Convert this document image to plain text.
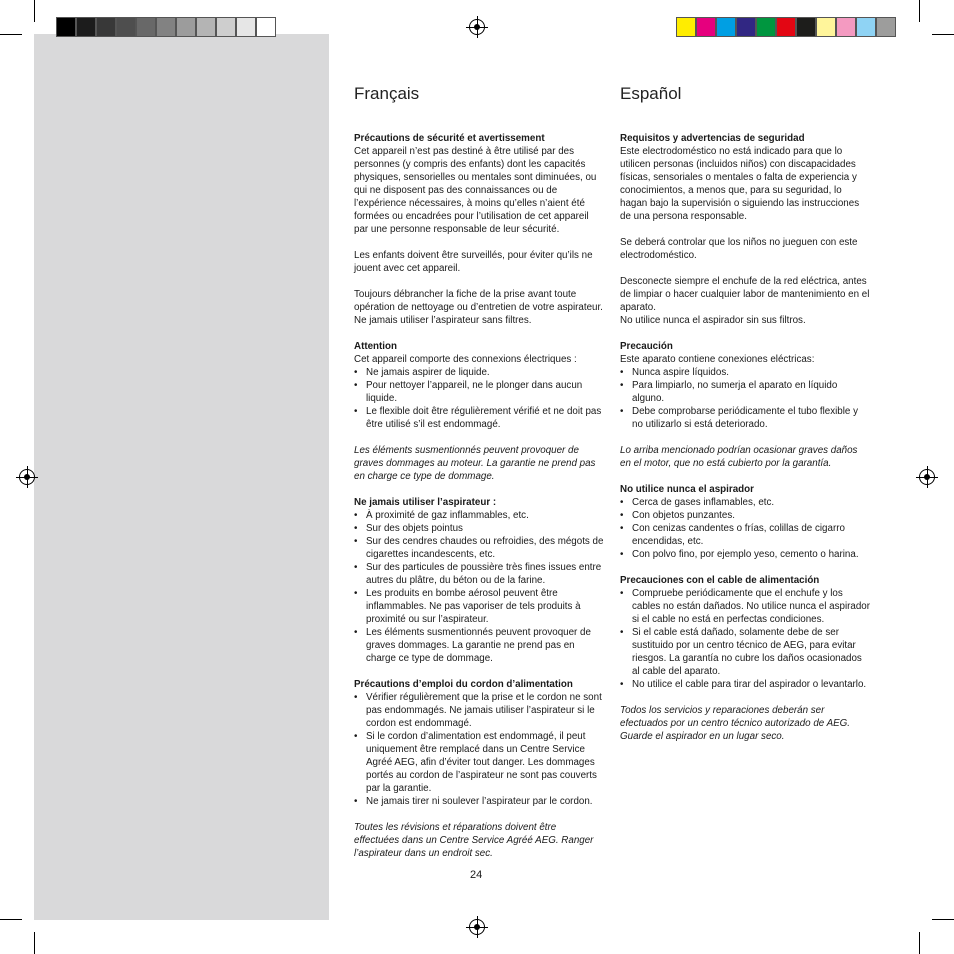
Français
Précautions de sécurité et avertissement

Cet appareil n’est pas destiné à être utilisé par des personnes (y compris des enfants) dont les capacités physiques, sensorielles ou mentales sont diminuées, ou qui ne disposent pas des connaissances ou de l’expérience nécessaires, à moins qu’elles n’aient été formées ou encadrées pour l’utilisation de cet appareil par une personne responsable de leur sécurité.

Les enfants doivent être surveillés, pour éviter qu’ils ne jouent avec cet appareil.

Toujours débrancher la fiche de la prise avant toute opération de nettoyage ou d’entretien de votre aspirateur. Ne jamais utiliser l’aspirateur sans filtres.

Attention

Cet appareil comporte des connexions électriques :

• Ne jamais aspirer de liquide.
• Pour nettoyer l’appareil, ne le plonger dans aucun liquide.
• Le flexible doit être régulièrement vérifié et ne doit pas être utilisé s’il est endommagé.

Les éléments susmentionnés peuvent provoquer de graves dommages au moteur. La garantie ne prend pas en charge ce type de dommage.

Ne jamais utiliser l’aspirateur :
• À proximité de gaz inflammables, etc.
• Sur des objets pointus
• Sur des cendres chaudes ou refroidies, des mégots de cigarettes incandescents, etc.
• Sur des particules de poussière très fines issues entre autres du plâtre, du béton ou de la farine.
• Les produits en bombe aérosol peuvent être inflammables. Ne pas vaporiser de tels produits à proximité ou sur l’aspirateur.
• Les éléments susmentionnés peuvent provoquer de graves dommages. La garantie ne prend pas en charge ce type de dommage.
Précautions d’emploi du cordon d’alimentation
• Vérifier régulièrement que la prise et le cordon ne sont pas endommagés. Ne jamais utiliser l’aspirateur si le cordon est endommagé.
• Si le cordon d’alimentation est endommagé, il peut uniquement être remplacé dans un Centre Service Agréé AEG, afin d’éviter tout danger. Les dommages portés au cordon de l’aspirateur ne sont pas couverts par la garantie.
• Ne jamais tirer ni soulever l’aspirateur par le cordon.

Toutes les révisions et réparations doivent être effectuées dans un Centre Service Agréé AEG. Ranger l’aspirateur dans un endroit sec.

Español
Requisitos y advertencias de seguridad

Este electrodoméstico no está indicado para que lo utilicen personas (incluidos niños) con discapacidades físicas, sensoriales o mentales o falta de experiencia y conocimientos, a menos que, para su seguridad, lo hagan bajo la supervisión o siguiendo las instrucciones de una persona responsable.

Se deberá controlar que los niños no jueguen con este electrodoméstico.

Desconecte siempre el enchufe de la red eléctrica, antes de limpiar o hacer cualquier labor de mantenimiento en el aparato.

No utilice nunca el aspirador sin sus filtros.
Precaución

Este aparato contiene conexiones eléctricas:

• Nunca aspire líquidos.
• Para limpiarlo, no sumerja el aparato en líquido alguno.
• Debe comprobarse periódicamente el tubo flexible y no utilizarlo si está deteriorado.

Lo arriba mencionado podrían ocasionar graves daños en el motor, que no está cubierto por la garantía.

No utilice nunca el aspirador
• Cerca de gases inflamables, etc.
• Con objetos punzantes.
• Con cenizas candentes o frías, colillas de cigarro encendidas, etc.
• Con polvo fino, por ejemplo yeso, cemento o harina.
Precauciones con el cable de alimentación
• Compruebe periódicamente que el enchufe y los cables no están dañados. No utilice nunca el aspirador si el cable no está en perfectas condiciones.
• Si el cable está dañado, solamente debe de ser sustituido por un centro técnico de AEG, para evitar riesgos. La garantía no cubre los daños ocasionados al cable del aparato.
• No utilice el cable para tirar del aspirador o levantarlo.

Todos los servicios y reparaciones deberán ser efectuados por un centro técnico autorizado de AEG. Guarde el aspirador en un lugar seco.

24
